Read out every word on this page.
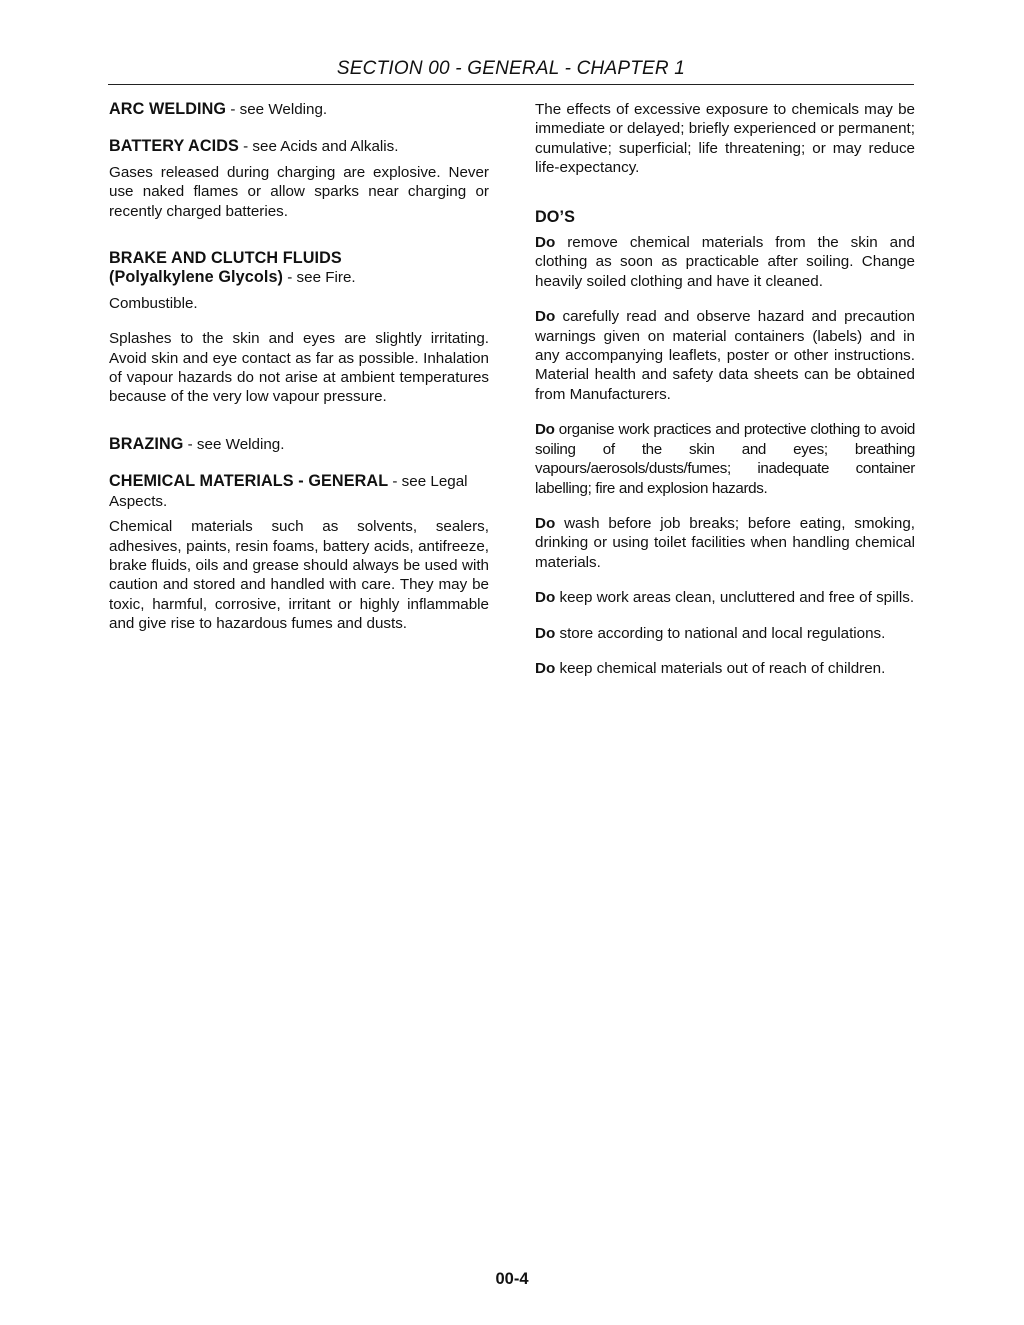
SECTION 00 - GENERAL - CHAPTER 1

ARC WELDING - see Welding.

BATTERY ACIDS - see Acids and Alkalis.

Gases released during charging are explosive. Never use naked flames or allow sparks near charging or recently charged batteries.

BRAKE AND CLUTCH FLUIDS
(Polyalkylene Glycols) - see Fire.

Combustible.

Splashes to the skin and eyes are slightly irritating. Avoid skin and eye contact as far as possible. Inhalation of vapour hazards do not arise at ambient temperatures because of the very low vapour pressure.

BRAZING - see Welding.

CHEMICAL MATERIALS - GENERAL - see Legal Aspects.

Chemical materials such as solvents, sealers, adhesives, paints, resin foams, battery acids, antifreeze, brake fluids, oils and grease should always be used with caution and stored and handled with care. They may be toxic, harmful, corrosive, irritant or highly inflammable and give rise to hazardous fumes and dusts.

The effects of excessive exposure to chemicals may be immediate or delayed; briefly experienced or permanent; cumulative; superficial; life threatening; or may reduce life-expectancy.

DO’S

Do remove chemical materials from the skin and clothing as soon as practicable after soiling. Change heavily soiled clothing and have it cleaned.

Do carefully read and observe hazard and precaution warnings given on material containers (labels) and in any accompanying leaflets, poster or other instructions. Material health and safety data sheets can be obtained from Manufacturers.

Do organise work practices and protective clothing to avoid soiling of the skin and eyes; breathing vapours/aerosols/dusts/fumes; inadequate container labelling; fire and explosion hazards.

Do wash before job breaks; before eating, smoking, drinking or using toilet facilities when handling chemical materials.

Do keep work areas clean, uncluttered and free of spills.

Do store according to national and local regulations.

Do keep chemical materials out of reach of children.

00-4
